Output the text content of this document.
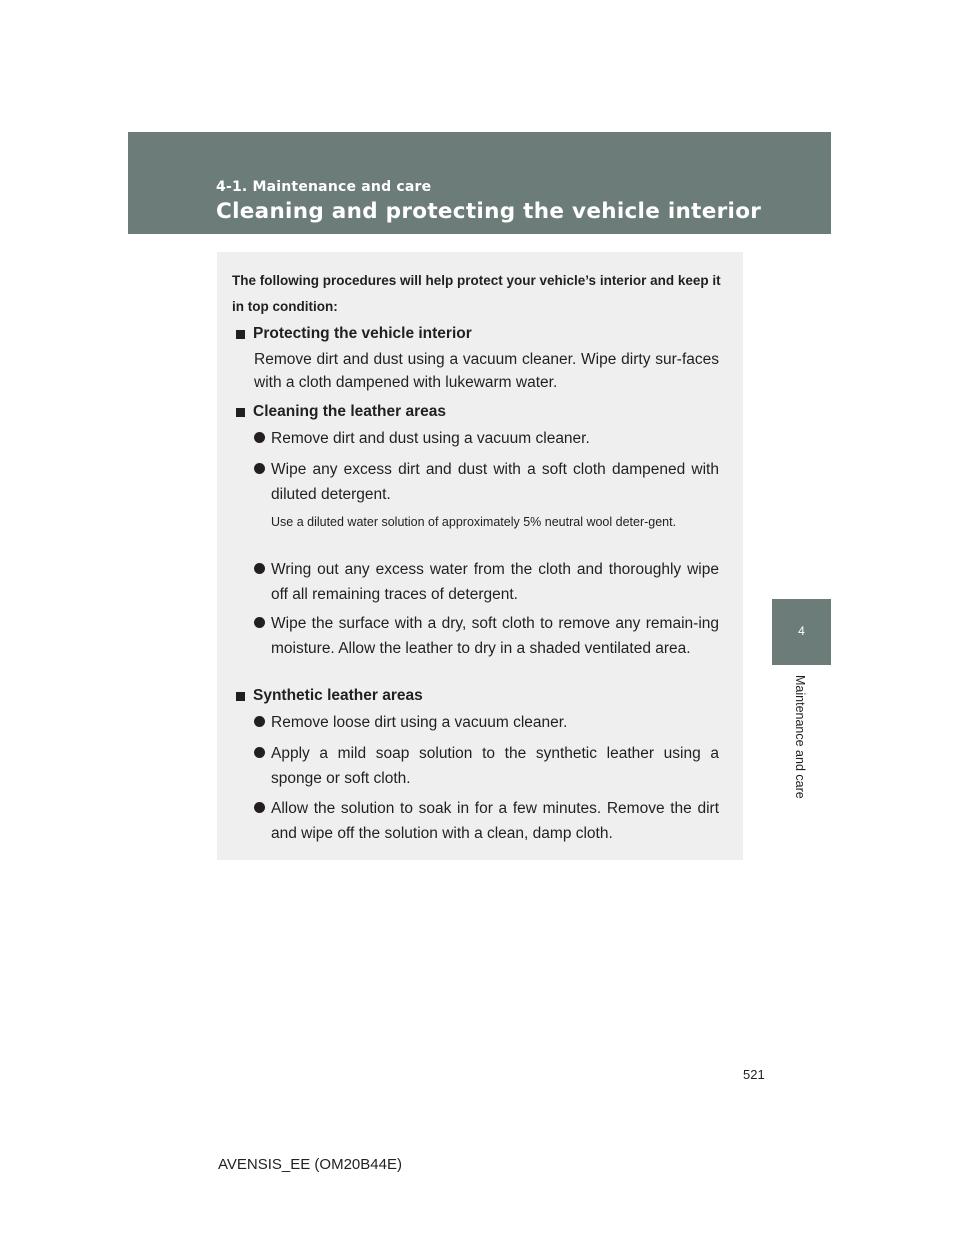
4-1. Maintenance and care
Cleaning and protecting the vehicle interior
4
Maintenance and care

The following procedures will help protect your vehicle’s interior and keep it in top condition:

Protecting the vehicle interior

Remove dirt and dust using a vacuum cleaner. Wipe dirty sur-faces with a cloth dampened with lukewarm water.

Cleaning the leather areas

Remove dirt and dust using a vacuum cleaner.

Wipe any excess dirt and dust with a soft cloth dampened with diluted detergent.

Use a diluted water solution of approximately 5% neutral wool deter-gent.

Wring out any excess water from the cloth and thoroughly wipe off all remaining traces of detergent.

Wipe the surface with a dry, soft cloth to remove any remain-ing moisture. Allow the leather to dry in a shaded ventilated area.

Synthetic leather areas

Remove loose dirt using a vacuum cleaner.

Apply a mild soap solution to the synthetic leather using a sponge or soft cloth.

Allow the solution to soak in for a few minutes. Remove the dirt and wipe off the solution with a clean, damp cloth.

521
AVENSIS_EE (OM20B44E)
